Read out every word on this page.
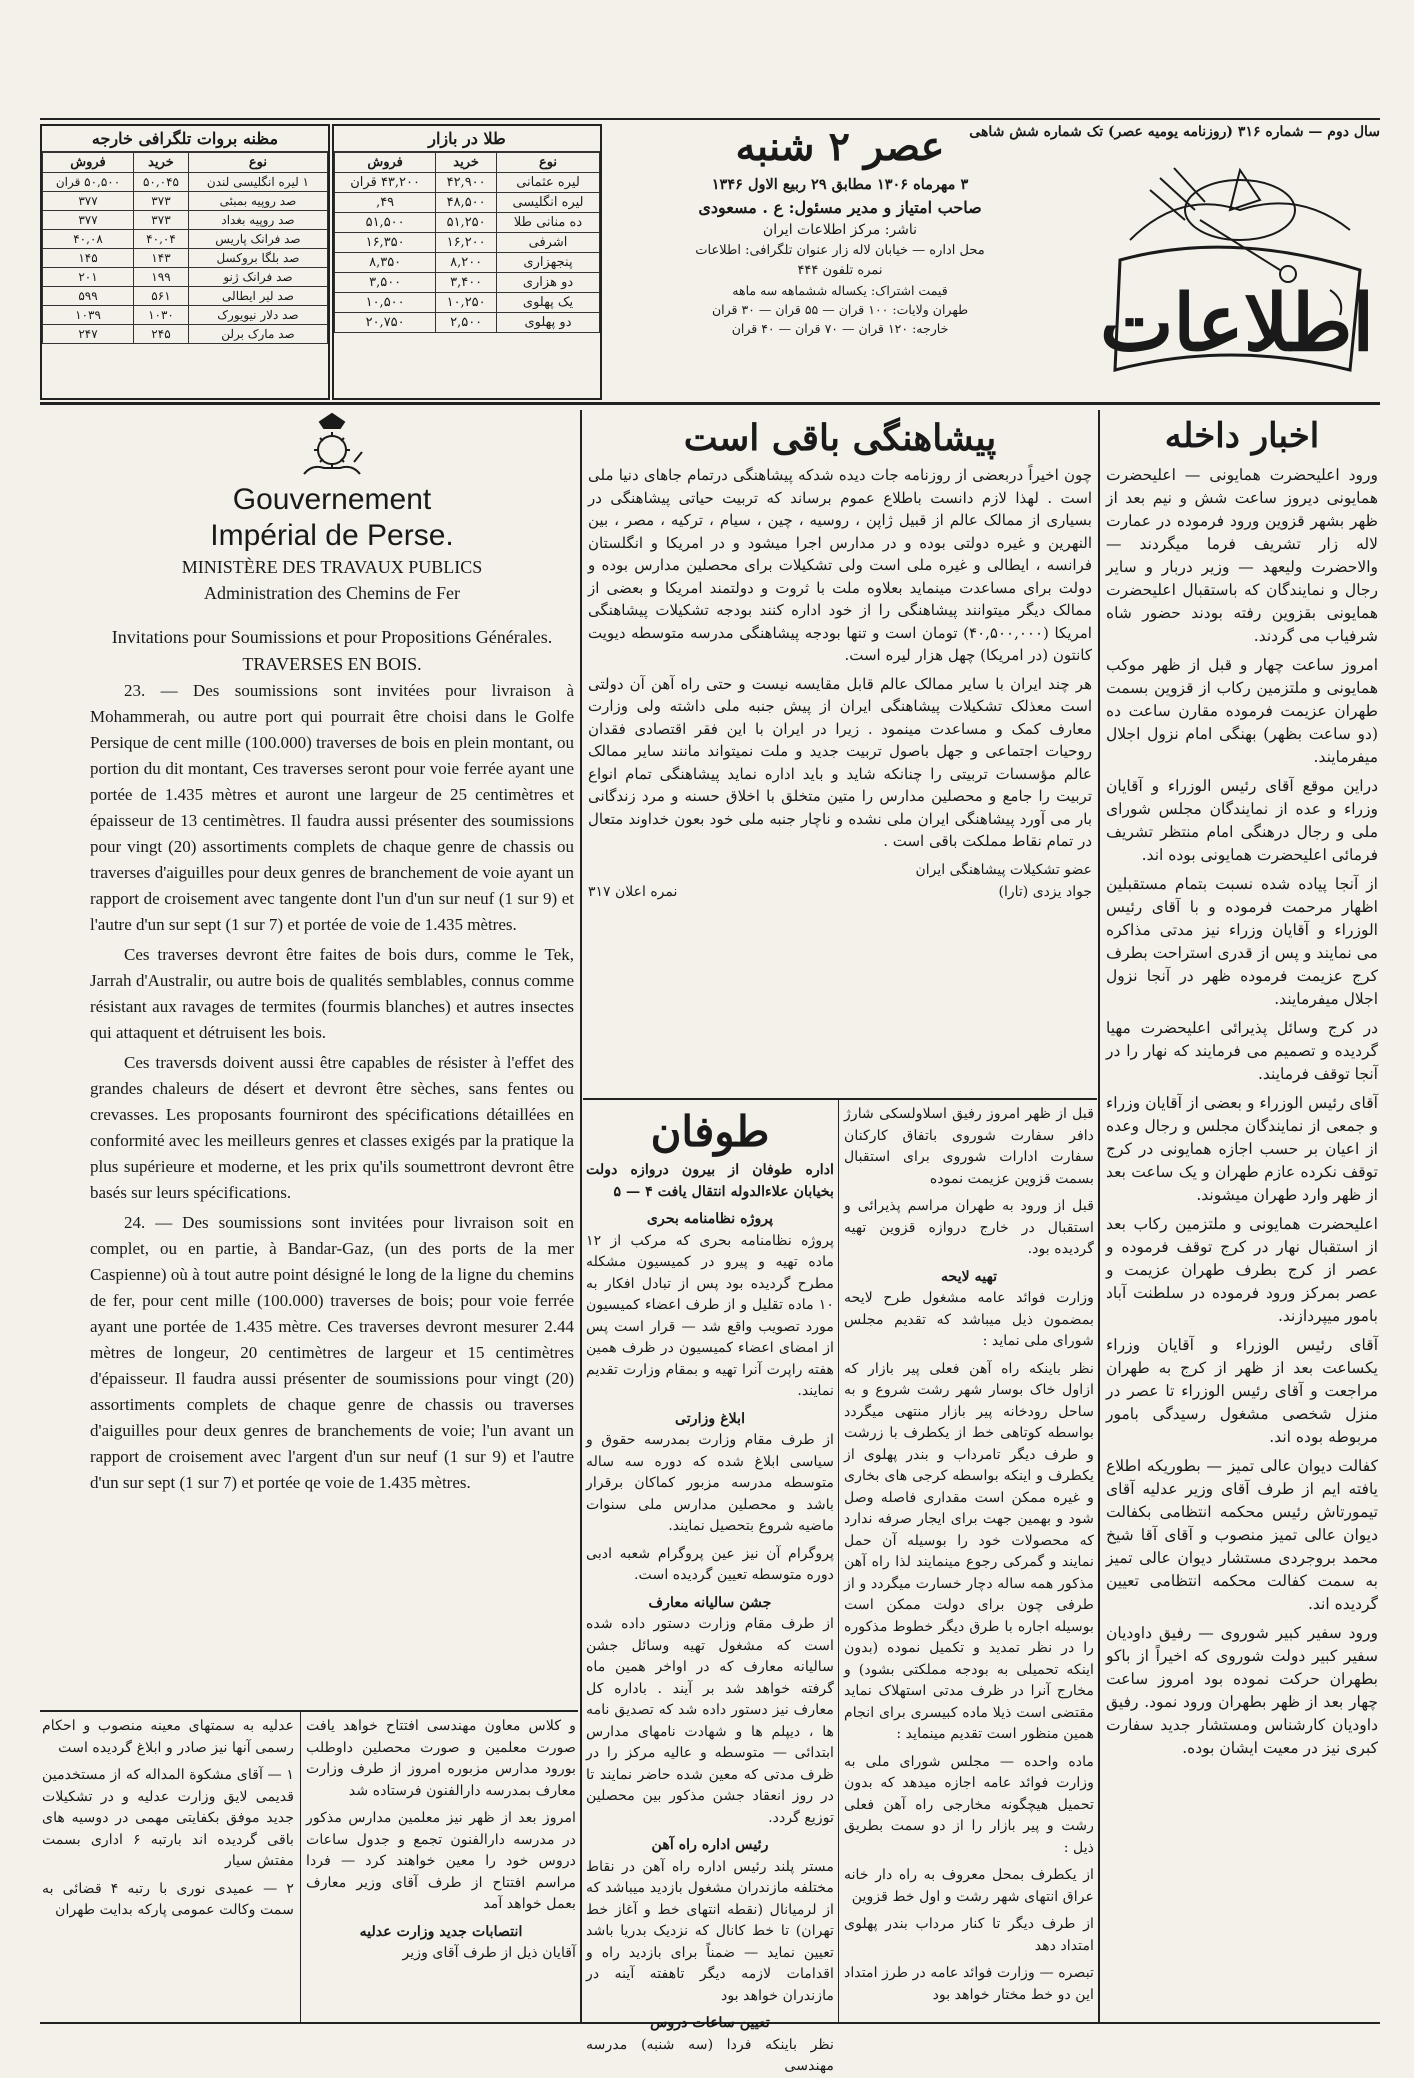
سال دوم — شماره ۳۱۶ (روزنامه یومیه عصر) تک شماره شش شاهی
اطلاعات
عصر ۲ شنبه
۳ مهرماه ۱۳۰۶ مطابق ۲۹ ربیع الاول ۱۳۴۶
صاحب امتیاز و مدیر مسئول: ع . مسعودی
ناشر: مرکز اطلاعات ایران
محل اداره — خیابان لاله زار عنوان تلگرافی: اطلاعات
نمره تلفون ۴۴۴
قیمت اشتراک: یکساله ششماهه سه ماهه
طهران ولایات: ۱۰۰ قران — ۵۵ قران — ۳۰ قران
خارجه: ۱۲۰ قران — ۷۰ قران — ۴۰ قران
طلا در بازار
نوع	خرید	فروش
لیره عثمانی	۴۲,۹۰۰	۴۳,۲۰۰ قران
لیره انگلیسی	۴۸,۵۰۰	۴۹,
ده منانی طلا	۵۱,۲۵۰	۵۱,۵۰۰
اشرفی	۱۶,۲۰۰	۱۶,۳۵۰
پنجهزاری	۸,۲۰۰	۸,۳۵۰
دو هزاری	۳,۴۰۰	۳,۵۰۰
یک پهلوی	۱۰,۲۵۰	۱۰,۵۰۰
دو پهلوی	۲,۵۰۰	۲۰,۷۵۰
مظنه بروات تلگرافی خارجه
نوع	خرید	فروش
۱ لیره انگلیسی لندن	۵۰,۰۴۵	۵۰,۵۰۰ قران
صد روپیه بمبئی	۳۷۳	۳۷۷
صد روپیه بغداد	۳۷۳	۳۷۷
صد فرانک پاریس	۴۰,۰۴	۴۰,۰۸
صد بلگا بروکسل	۱۴۳	۱۴۵
صد فرانک ژنو	۱۹۹	۲۰۱
صد لیر ایطالی	۵۶۱	۵۹۹
صد دلار نیویورک	۱۰۳۰	۱۰۳۹
صد مارک برلن	۲۴۵	۲۴۷
اخبار داخله

ورود اعلیحضرت همایونی — اعلیحضرت همایونی دیروز ساعت شش و نیم بعد از ظهر بشهر قزوین ورود فرموده در عمارت لاله زار تشریف فرما میگردند — والاحضرت ولیعهد — وزیر دربار و سایر رجال و نمایندگان که باستقبال اعلیحضرت همایونی بقزوین رفته بودند حضور شاه شرفیاب می گردند.

امروز ساعت چهار و قبل از ظهر موکب همایونی و ملتزمین رکاب از قزوین بسمت طهران عزیمت فرموده مقارن ساعت ده (دو ساعت بظهر) بهنگی امام نزول اجلال میفرمایند.

دراین موقع آقای رئیس الوزراء و آقایان وزراء و عده از نمایندگان مجلس شورای ملی و رجال درهنگی امام منتظر تشریف فرمائی اعلیحضرت همایونی بوده اند.

از آنجا پیاده شده نسبت بتمام مستقبلین اظهار مرحمت فرموده و با آقای رئیس الوزراء و آقایان وزراء نیز مدتی مذاکره می نمایند و پس از قدری استراحت بطرف کرج عزیمت فرموده ظهر در آنجا نزول اجلال میفرمایند.

در کرج وسائل پذیرائی اعلیحضرت مهیا گردیده و تصمیم می فرمایند که نهار را در آنجا توقف فرمایند.

آقای رئیس الوزراء و بعضی از آقایان وزراء و جمعی از نمایندگان مجلس و رجال وعده از اعیان بر حسب اجازه همایونی در کرج توقف نکرده عازم طهران و یک ساعت بعد از ظهر وارد طهران میشوند.

اعلیحضرت همایونی و ملتزمین رکاب بعد از استقبال نهار در کرج توقف فرموده و عصر از کرج بطرف طهران عزیمت و عصر بمرکز ورود فرموده در سلطنت آباد بامور میپردازند.

آقای رئیس الوزراء و آقایان وزراء یکساعت بعد از ظهر از کرج به طهران مراجعت و آقای رئیس الوزراء تا عصر در منزل شخصی مشغول رسیدگی بامور مربوطه بوده اند.

کفالت دیوان عالی تمیز — بطوریکه اطلاع یافته ایم از طرف آقای وزیر عدلیه آقای تیمورتاش رئیس محکمه انتظامی بکفالت دیوان عالی تمیز منصوب و آقای آقا شیخ محمد بروجردی مستشار دیوان عالی تمیز به سمت کفالت محکمه انتظامی تعیین گردیده اند.

ورود سفیر کبیر شوروی — رفیق داودیان سفیر کبیر دولت شوروی که اخیراً از باکو بطهران حرکت نموده بود امروز ساعت چهار بعد از ظهر بطهران ورود نمود. رفیق داودیان کارشناس ومستشار جدید سفارت کبری نیز در معیت ایشان بوده.

پیشاهنگی باقی است

چون اخیراً دربعضی از روزنامه جات دیده شدکه پیشاهنگی درتمام جاهای دنیا ملی است . لهذا لازم دانست باطلاع عموم برساند که تربیت حیاتی پیشاهنگی در بسیاری از ممالک عالم از قبیل ژاپن ، روسیه ، چین ، سیام ، ترکیه ، مصر ، بین النهرین و غیره دولتی بوده و در مدارس اجرا میشود و در امریکا و انگلستان فرانسه ، ایطالی و غیره ملی است ولی تشکیلات برای محصلین مدارس بوده و دولت برای مساعدت مینماید بعلاوه ملت با ثروت و دولتمند امریکا و بعضی از ممالک دیگر میتوانند پیشاهنگی را از خود اداره کنند بودجه تشکیلات پیشاهنگی امریکا (۴۰,۵۰۰,۰۰۰) تومان است و تنها بودجه پیشاهنگی مدرسه متوسطه دیویت کانتون (در امریکا) چهل هزار لیره است.

هر چند ایران با سایر ممالک عالم قابل مقایسه نیست و حتی راه آهن آن دولتی است معذلک تشکیلات پیشاهنگی ایران از پیش جنبه ملی داشته ولی وزارت معارف کمک و مساعدت مینمود . زیرا در ایران با این فقر اقتصادی فقدان روحیات اجتماعی و جهل باصول تربیت جدید و ملت نمیتواند مانند سایر ممالک عالم مؤسسات تربیتی را چنانکه شاید و باید اداره نماید پیشاهنگی تمام انواع تربیت را جامع و محصلین مدارس را متین متخلق با اخلاق حسنه و مرد زندگانی بار می آورد پیشاهنگی ایران ملی نشده و ناچار جنبه ملی خود بعون خداوند متعال در تمام نقاط مملکت باقی است .

عضو تشکیلات پیشاهنگی ایران
جواد یزدی (تارا)
نمره اعلان ۳۱۷
طوفان

اداره طوفان از بیرون دروازه دولت بخیابان علاءالدوله انتقال یافت ۴ — ۵

پروژه نظامنامه بحری

پروژه نظامنامه بحری که مرکب از ۱۲ ماده تهیه و پیرو در کمیسیون مشکله مطرح گردیده بود پس از تبادل افکار به ۱۰ ماده تقلیل و از طرف اعضاء کمیسیون مورد تصویب واقع شد — قرار است پس از امضای اعضاء کمیسیون در ظرف همین هفته راپرت آنرا تهیه و بمقام وزارت تقدیم نمایند.

ابلاغ وزارتی

از طرف مقام وزارت بمدرسه حقوق و سیاسی ابلاغ شده که دوره سه ساله متوسطه مدرسه مزبور کماکان برقرار باشد و محصلین مدارس ملی سنوات ماضیه شروع بتحصیل نمایند.

پروگرام آن نیز عین پروگرام شعبه ادبی دوره متوسطه تعیین گردیده است.

جشن سالیانه معارف

از طرف مقام وزارت دستور داده شده است که مشغول تهیه وسائل جشن سالیانه معارف که در اواخر همین ماه گرفته خواهد شد بر آیند . باداره کل معارف نیز دستور داده شد که تصدیق نامه ها ، دیپلم ها و شهادت نامهای مدارس ابتدائی — متوسطه و عالیه مرکز را در ظرف مدتی که معین شده حاضر نمایند تا در روز انعقاد جشن مذکور بین محصلین توزیع گردد.

رئیس اداره راه آهن

مستر پلند رئیس اداره راه آهن در نقاط مختلفه مازندران مشغول بازدید میباشد که از لرمیانال (نقطه انتهای خط و آغاز خط تهران) تا خط کانال که نزدیک بدریا باشد تعیین نماید — ضمناً برای بازدید راه و اقدامات لازمه دیگر تاهفته آینه در مازندران خواهد بود

تعیین ساعات دروس

نظر باینکه فردا (سه شنبه) مدرسه مهندسی

قبل از ظهر امروز رفیق اسلاولسکی شارژ دافر سفارت شوروی باتفاق کارکنان سفارت ادارات شوروی برای استقبال بسمت قزوین عزیمت نموده

قبل از ورود به طهران مراسم پذیرائی و استقبال در خارج دروازه قزوین تهیه گردیده بود.

تهیه لایحه

وزارت فوائد عامه مشغول طرح لایحه بمضمون ذیل میباشد که تقدیم مجلس شورای ملی نماید :

نظر باینکه راه آهن فعلی پیر بازار که ازاول خاک بوسار شهر رشت شروع و به ساحل رودخانه پیر بازار منتهی میگردد بواسطه کوتاهی خط از یکطرف با زرشت و طرف دیگر تامرداب و بندر پهلوی از یکطرف و اینکه بواسطه کرجی های بخاری و غیره ممکن است مقداری فاصله وصل شود و بهمین جهت برای ایجار صرفه ندارد که محصولات خود را بوسیله آن حمل نمایند و گمرکی رجوع مینمایند لذا راه آهن مذکور همه ساله دچار خسارت میگردد و از طرفی چون برای دولت ممکن است بوسیله اجاره با طرق دیگر خطوط مذکوره را در نظر تمدید و تکمیل نموده (بدون اینکه تحمیلی به بودجه مملکتی بشود) و مخارج آنرا در ظرف مدتی استهلاک نماید مقتضی است ذیلا ماده کبیسری برای انجام همین منظور است تقدیم مینماید :

ماده واحده — مجلس شورای ملی به وزارت فوائد عامه اجازه میدهد که بدون تحمیل هیچگونه مخارجی راه آهن فعلی رشت و پیر بازار را از دو سمت بطریق ذیل :

از یکطرف بمحل معروف به راه دار خانه عراق انتهای شهر رشت و اول خط قزوین

از طرف دیگر تا کنار مرداب بندر پهلوی امتداد دهد

تبصره — وزارت فوائد عامه در طرز امتداد این دو خط مختار خواهد بود

Gouvernement
Impérial de Perse.
MINISTÈRE DES TRAVAUX PUBLICS
Administration des Chemins de Fer
Invitations pour Soumissions et pour Propositions Générales.
TRAVERSES EN BOIS.

23. — Des soumissions sont invitées pour livraison à Mohammerah, ou autre port qui pourrait être choisi dans le Golfe Persique de cent mille (100.000) traverses de bois en plein montant, ou portion du dit montant, Ces traverses seront pour voie ferrée ayant une portée de 1.435 mètres et auront une largeur de 25 centimètres et épaisseur de 13 centimètres. Il faudra aussi présenter des soumissions pour vingt (20) assortiments complets de chaque genre de chassis ou traverses d'aiguilles pour deux genres de branchement de voie ayant un rapport de croisement avec tangente dont l'un d'un sur neuf (1 sur 9) et l'autre d'un sur sept (1 sur 7) et portée de voie de 1.435 mètres.

Ces traverses devront être faites de bois durs, comme le Tek, Jarrah d'Australir, ou autre bois de qualités semblables, connus comme résistant aux ravages de termites (fourmis blanches) et autres insectes qui attaquent et détruisent les bois.

Ces traversds doivent aussi être capables de résister à l'effet des grandes chaleurs de désert et devront être sèches, sans fentes ou crevasses. Les proposants fourniront des spécifications détaillées en conformité avec les meilleurs genres et classes exigés par la pratique la plus supérieure et moderne, et les prix qu'ils soumettront devront être basés sur leurs spécifications.

24. — Des soumissions sont invitées pour livraison soit en complet, ou en partie, à Bandar-Gaz, (un des ports de la mer Caspienne) où à tout autre point désigné le long de la ligne du chemins de fer, pour cent mille (100.000) traverses de bois; pour voie ferrée ayant une portée de 1.435 mètre. Ces traverses devront mesurer 2.44 mètres de longeur, 20 centimètres de largeur et 15 centimètres d'épaisseur. Il faudra aussi présenter de soumissions pour vingt (20) assortiments complets de chaque genre de chassis ou traverses d'aiguilles pour deux genres de branchements de voie; l'un avant un rapport de croisement avec l'argent d'un sur neuf (1 sur 9) et l'autre d'un sur sept (1 sur 7) et portée qe voie de 1.435 mètres.

و کلاس معاون مهندسی افتتاح خواهد یافت صورت معلمین و صورت محصلین داوطلب بورود مدارس مزبوره امروز از طرف وزارت معارف بمدرسه دارالفنون فرستاده شد

امروز بعد از ظهر نیز معلمین مدارس مذکور در مدرسه دارالفنون تجمع و جدول ساعات دروس خود را معین خواهند کرد — فردا مراسم افتتاح از طرف آقای وزیر معارف بعمل خواهد آمد

انتصابات جدید وزارت عدلیه

آقایان ذیل از طرف آقای وزیر

عدلیه به سمتهای معینه منصوب و احکام رسمی آنها نیز صادر و ابلاغ گردیده است

۱ — آقای مشکوة المداله که از مستخدمین قدیمی لایق وزارت عدلیه و در تشکیلات جدید موفق بکفایتی مهمی در دوسیه های باقی گردیده اند بارتبه ۶ اداری بسمت مفتش سیار

۲ — عمیدی نوری با رتبه ۴ قضائی به سمت وکالت عمومی پارکه بدایت طهران
